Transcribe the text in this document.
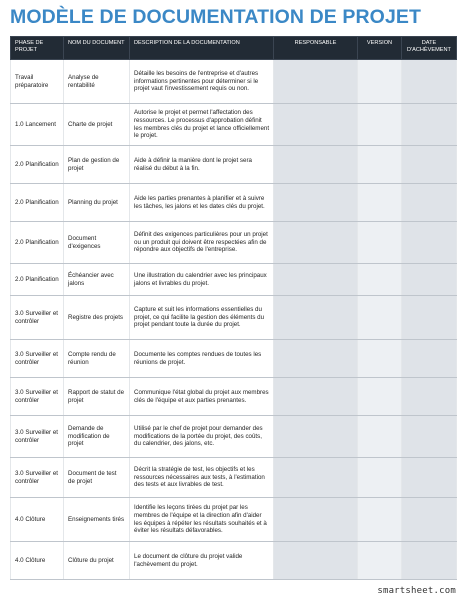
MODÈLE DE DOCUMENTATION DE PROJET
PHASE DE PROJET	NOM DU DOCUMENT	DESCRIPTION DE LA DOCUMENTATION	RESPONSABLE	VERSION	DATE D'ACHÈVEMENT
Travail préparatoire	Analyse de rentabilité	Détaille les besoins de l'entreprise et d'autres informations pertinentes pour déterminer si le projet vaut l'investissement requis ou non.			
1.0 Lancement	Charte de projet	Autorise le projet et permet l'affectation des ressources. Le processus d'approbation définit les membres clés du projet et lance officiellement le projet.			
2.0 Planification	Plan de gestion de projet	Aide à définir la manière dont le projet sera réalisé du début à la fin.			
2.0 Planification	Planning du projet	Aide les parties prenantes à planifier et à suivre les tâches, les jalons et les dates clés du projet.			
2.0 Planification	Document d'exigences	Définit des exigences particulières pour un projet ou un produit qui doivent être respectées afin de répondre aux objectifs de l'entreprise.			
2.0 Planification	Échéancier avec jalons	Une illustration du calendrier avec les principaux jalons et livrables du projet.			
3.0 Surveiller et contrôler	Registre des projets	Capture et suit les informations essentielles du projet, ce qui facilite la gestion des éléments du projet pendant toute la durée du projet.			
3.0 Surveiller et contrôler	Compte rendu de réunion	Documente les comptes rendues de toutes les réunions de projet.			
3.0 Surveiller et contrôler	Rapport de statut de projet	Communique l'état global du projet aux membres clés de l'équipe et aux parties prenantes.			
3.0 Surveiller et contrôler	Demande de modification de projet	Utilisé par le chef de projet pour demander des modifications de la portée du projet, des coûts, du calendrier, des jalons, etc.			
3.0 Surveiller et contrôler	Document de test de projet	Décrit la stratégie de test, les objectifs et les ressources nécessaires aux tests, à l'estimation des tests et aux livrables de test.			
4.0 Clôture	Enseignements tirés	Identifie les leçons tirées du projet par les membres de l'équipe et la direction afin d'aider les équipes à répéter les résultats souhaités et à éviter les résultats défavorables.			
4.0 Clôture	Clôture du projet	Le document de clôture du projet valide l'achèvement du projet.			
smartsheet.com
